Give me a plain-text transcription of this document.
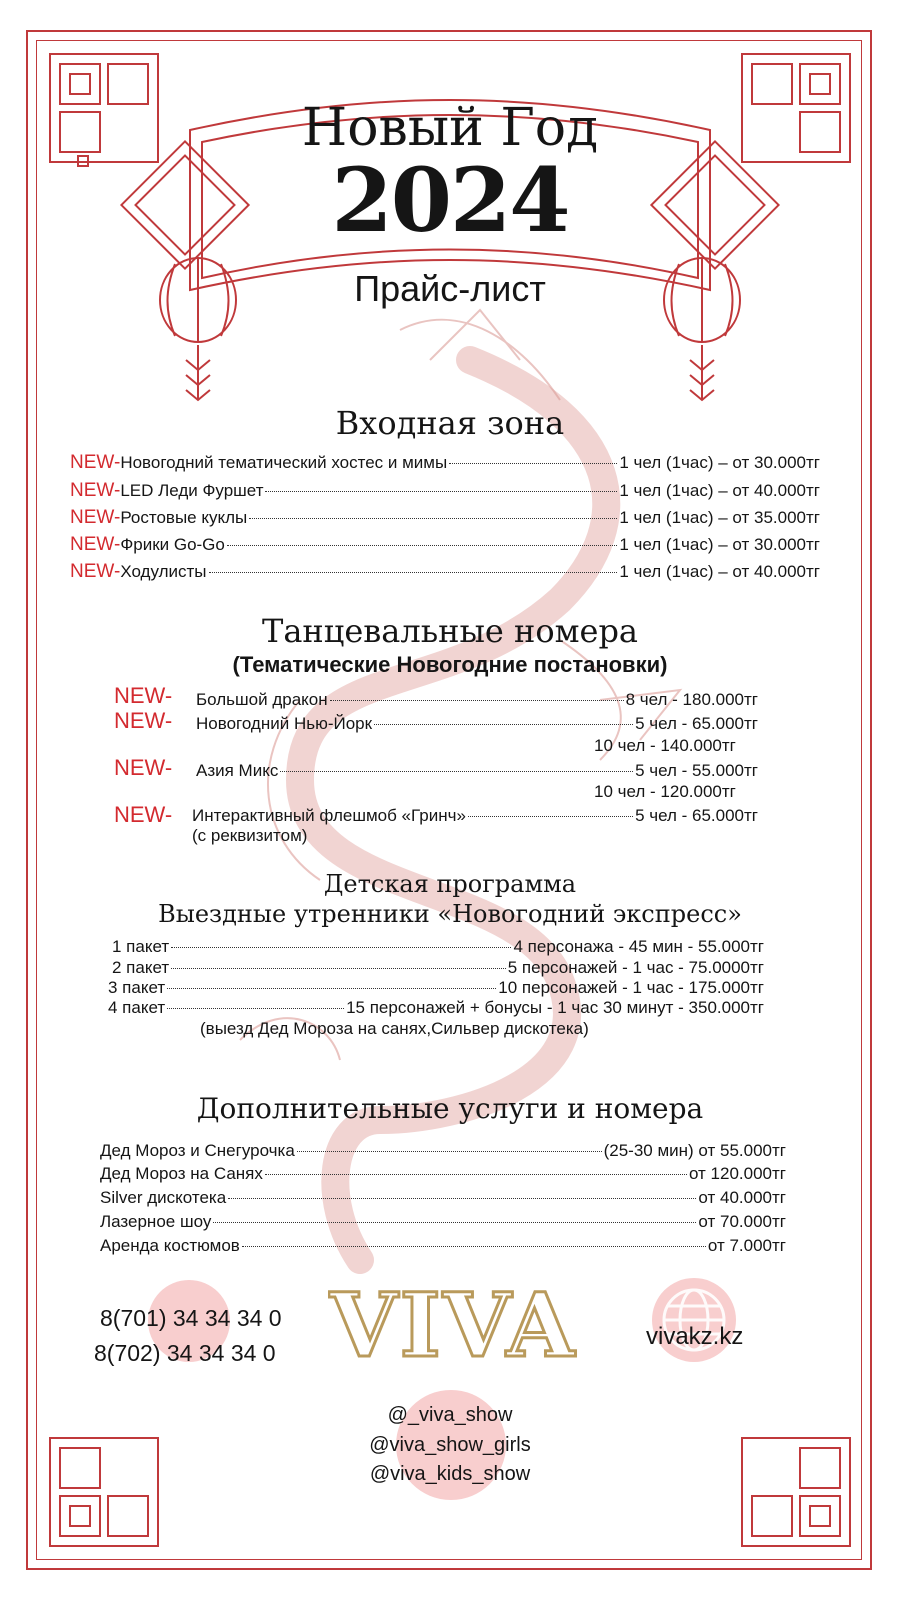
Новый Год
2024
Прайс-лист
Входная зона
NEW- Новогодний тематический хостес и мимы	1 чел (1час) – от 30.000тг
NEW- LED Леди Фуршет	1 чел (1час) – от 40.000тг
NEW- Ростовые куклы	1 чел (1час) – от 35.000тг
NEW- Фрики Go-Go	1 чел (1час) – от 30.000тг
NEW- Ходулисты	1 чел (1час) – от 40.000тг
Танцевальные номера
(Тематические Новогодние постановки)
NEW- Большой дракон	8 чел - 180.000тг
NEW- Новогодний Нью-Йорк	5 чел - 65.000тг
10 чел - 140.000тг
NEW- Азия Микс	5 чел - 55.000тг
10 чел - 120.000тг
NEW- Интерактивный флешмоб «Гринч»	5 чел - 65.000тг
(с реквизитом)
Детская программа
Выездные утренники «Новогодний экспресс»
1 пакет	4 персонажа - 45 мин - 55.000тг
2 пакет	5 персонажей - 1 час - 75.0000тг
3 пакет	10 персонажей - 1 час - 175.000тг
4 пакет	15 персонажей + бонусы - 1 час 30 минут - 350.000тг
(выезд Дед Мороза на санях,Сильвер дискотека)
Дополнительные услуги и номера
Дед Мороз и Снегурочка	(25-30 мин) от 55.000тг
Дед Мороз на Санях	от 120.000тг
Silver дискотека	от 40.000тг
Лазерное шоу	от 70.000тг
Аренда костюмов	от 7.000тг
8(701) 34 34 34 0
8(702) 34 34 34 0 VIVA	vivakz.kz
@_viva_show
@viva_show_girls
@viva_kids_show
